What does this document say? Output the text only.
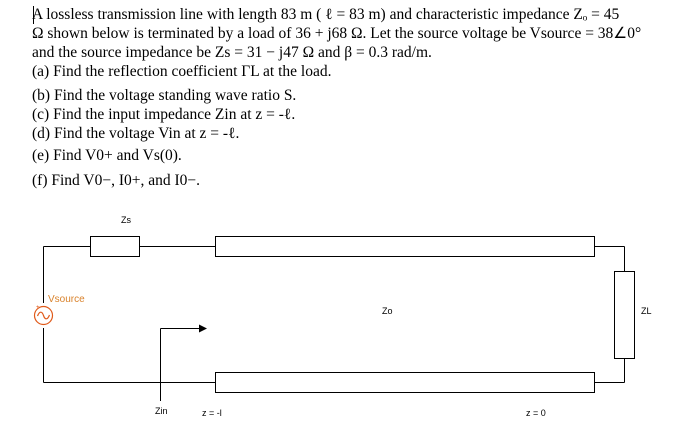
A lossless transmission line with length 83 m ( ℓ = 83 m) and characteristic impedance Zₒ = 45
Ω shown below is terminated by a load of 36 + j68 Ω. Let the source voltage be Vsource = 38∠0°
and the source impedance be Zs = 31 − j47 Ω and β = 0.3 rad/m.
(a) Find the reflection coefficient ΓL at the load.
(b) Find the voltage standing wave ratio S.
(c) Find the input impedance Zin at z = -ℓ.
(d) Find the voltage Vin at z = -ℓ.
(e) Find V0+ and Vs(0).
(f) Find V0−, I0+, and I0−.
+
Zs
Vsource
Zo	ZL
Zin	z = -l	z = 0
